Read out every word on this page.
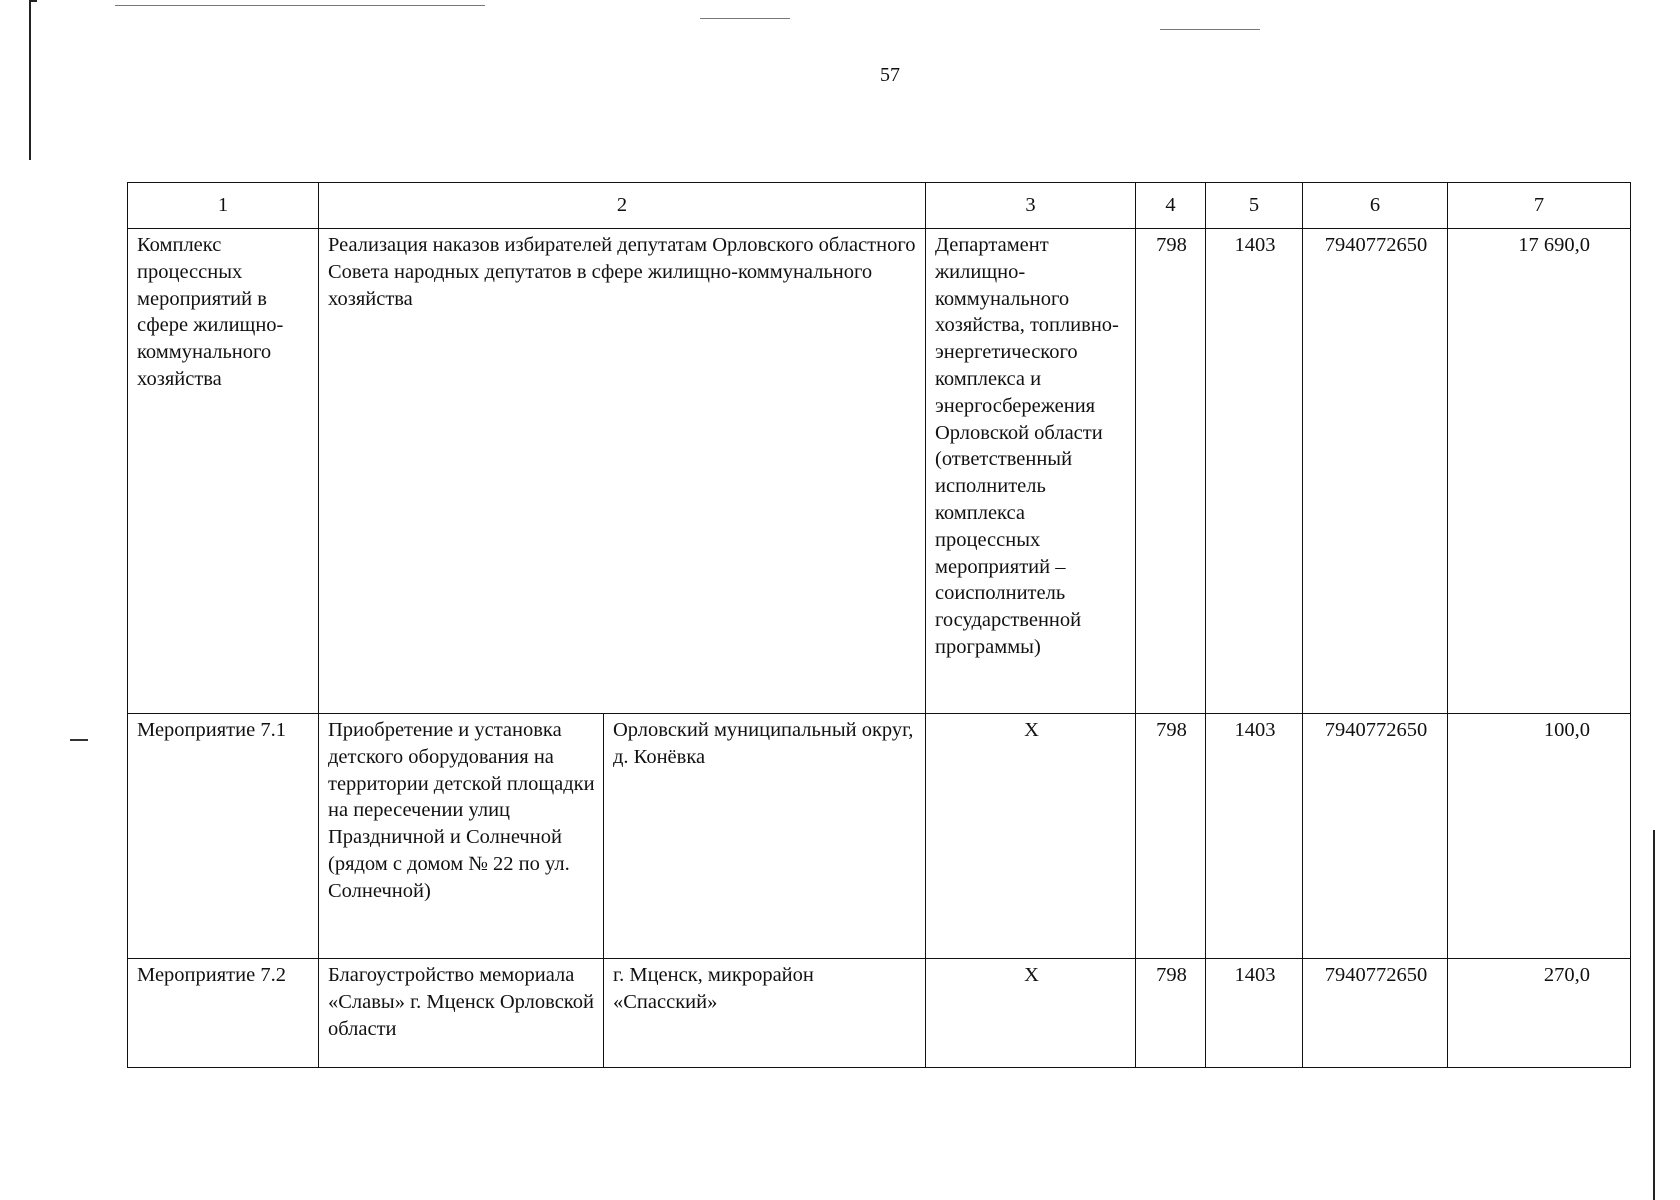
57
1	2		3	4	5	6	7
Комплекс процессных мероприятий в сфере жилищно-коммунального хозяйства	Реализация наказов избирателей депутатам Орловского областного Совета народных депутатов в сфере жилищно-коммунального хозяйства		Департамент жилищно-коммунального хозяйства, топливно-энергетического комплекса и энергосбережения Орловской области (ответственный исполнитель комплекса процессных мероприятий – соисполнитель государственной программы)	798	1403	7940772650	17 690,0
Мероприятие 7.1	Приобретение и установка детского оборудования на территории детской площадки на пересечении улиц Праздничной и Солнечной (рядом с домом № 22 по ул. Солнечной)	Орловский муниципальный округ, д. Конёвка	Х	798	1403	7940772650	100,0
Мероприятие 7.2	Благоустройство мемориала «Славы» г. Мценск Орловской области	г. Мценск, микрорайон «Спасский»	Х	798	1403	7940772650	270,0
